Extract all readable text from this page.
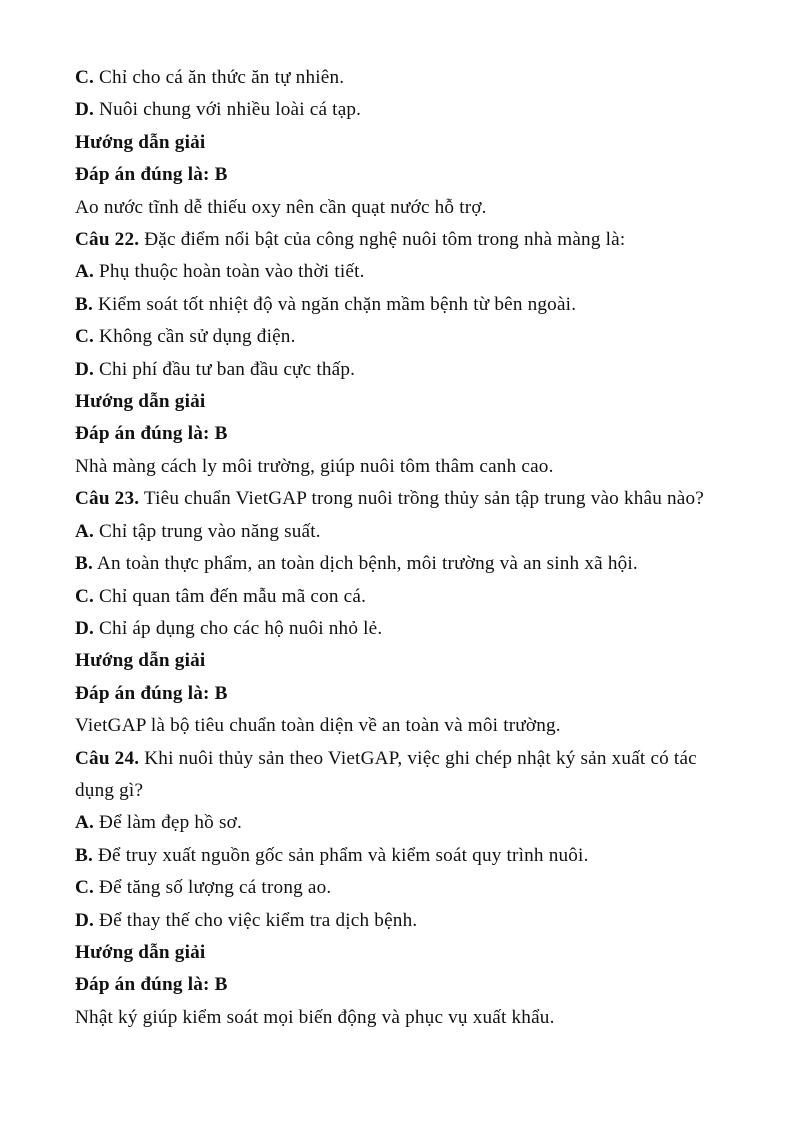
C. Chỉ cho cá ăn thức ăn tự nhiên.

D. Nuôi chung với nhiều loài cá tạp.

Hướng dẫn giải

Đáp án đúng là: B

Ao nước tĩnh dễ thiếu oxy nên cần quạt nước hỗ trợ.

Câu 22. Đặc điểm nổi bật của công nghệ nuôi tôm trong nhà màng là:

A. Phụ thuộc hoàn toàn vào thời tiết.

B. Kiểm soát tốt nhiệt độ và ngăn chặn mầm bệnh từ bên ngoài.

C. Không cần sử dụng điện.

D. Chi phí đầu tư ban đầu cực thấp.

Hướng dẫn giải

Đáp án đúng là: B

Nhà màng cách ly môi trường, giúp nuôi tôm thâm canh cao.

Câu 23. Tiêu chuẩn VietGAP trong nuôi trồng thủy sản tập trung vào khâu nào?

A. Chỉ tập trung vào năng suất.

B. An toàn thực phẩm, an toàn dịch bệnh, môi trường và an sinh xã hội.

C. Chỉ quan tâm đến mẫu mã con cá.

D. Chỉ áp dụng cho các hộ nuôi nhỏ lẻ.

Hướng dẫn giải

Đáp án đúng là: B

VietGAP là bộ tiêu chuẩn toàn diện về an toàn và môi trường.

Câu 24. Khi nuôi thủy sản theo VietGAP, việc ghi chép nhật ký sản xuất có tác dụng gì?

A. Để làm đẹp hồ sơ.

B. Để truy xuất nguồn gốc sản phẩm và kiểm soát quy trình nuôi.

C. Để tăng số lượng cá trong ao.

D. Để thay thế cho việc kiểm tra dịch bệnh.

Hướng dẫn giải

Đáp án đúng là: B

Nhật ký giúp kiểm soát mọi biến động và phục vụ xuất khẩu.
